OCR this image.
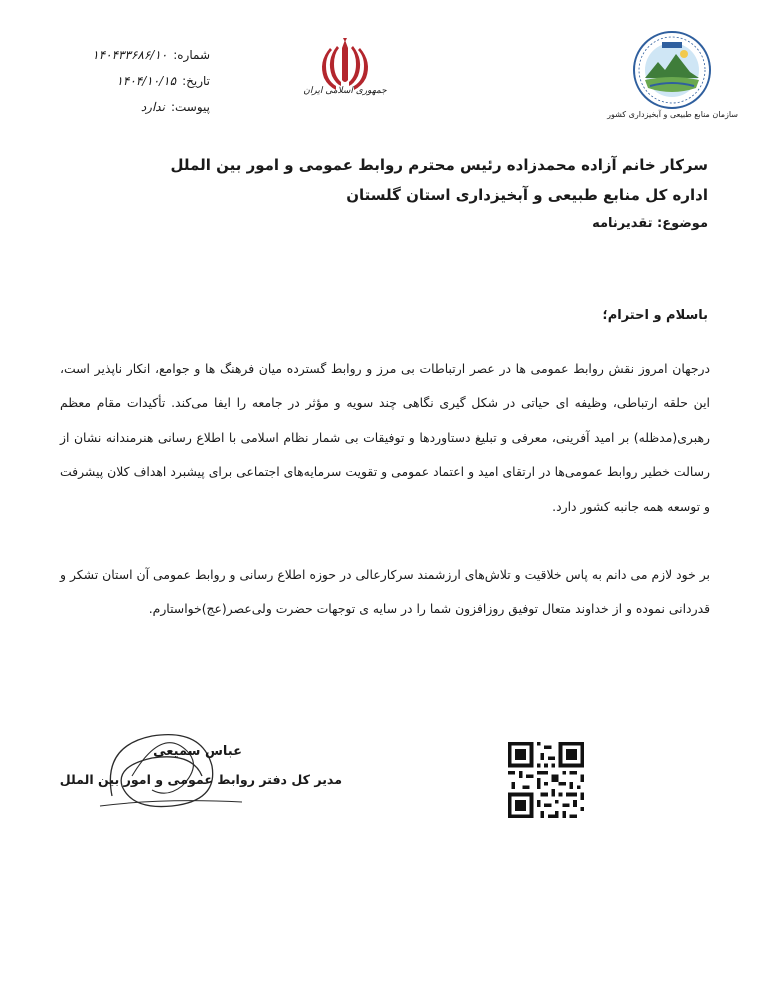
سازمان منابع طبیعی و آبخیزداری کشور
جمهوری اسلامی ایران
شماره:
۱۴۰۴۳۳۶۸۶/۱۰
تاریخ:
۱۴۰۴/۱۰/۱۵
پیوست:
ندارد
سرکار خانم آزاده محمدزاده رئیس محترم روابط عمومی و امور بین الملل
اداره کل منابع طبیعی و آبخیزداری استان گلستان
موضوع: تقدیرنامه
باسلام و احترام؛

درجهان امروز نقش روابط عمومی ها در عصر ارتباطات بی مرز و روابط گسترده میان فرهنگ ها و جوامع، انکار ناپذیر است، این حلقه ارتباطی، وظیفه ای حیاتی در شکل گیری نگاهی چند سویه و مؤثر در جامعه را ایفا می‌کند. تأکیدات مقام معظم رهبری(مدظله) بر امید آفرینی، معرفی و تبلیغ دستاوردها و توفیقات بی شمار نظام اسلامی با اطلاع رسانی هنرمندانه نشان از رسالت خطیر روابط عمومی‌ها در ارتقای امید و اعتماد عمومی و تقویت سرمایه‌های اجتماعی برای پیشبرد اهداف کلان پیشرفت و توسعه همه جانبه کشور دارد.

بر خود لازم می دانم به پاس خلاقیت و تلاش‌های ارزشمند سرکارعالی در حوزه اطلاع رسانی و روابط عمومی آن استان تشکر و قدردانی نموده و از خداوند متعال توفیق روزافزون شما را در سایه ی توجهات حضرت ولی‌عصر(عج)خواستارم.

عباس سمیعی
مدیر کل دفتر روابط عمومی و امور بین الملل
